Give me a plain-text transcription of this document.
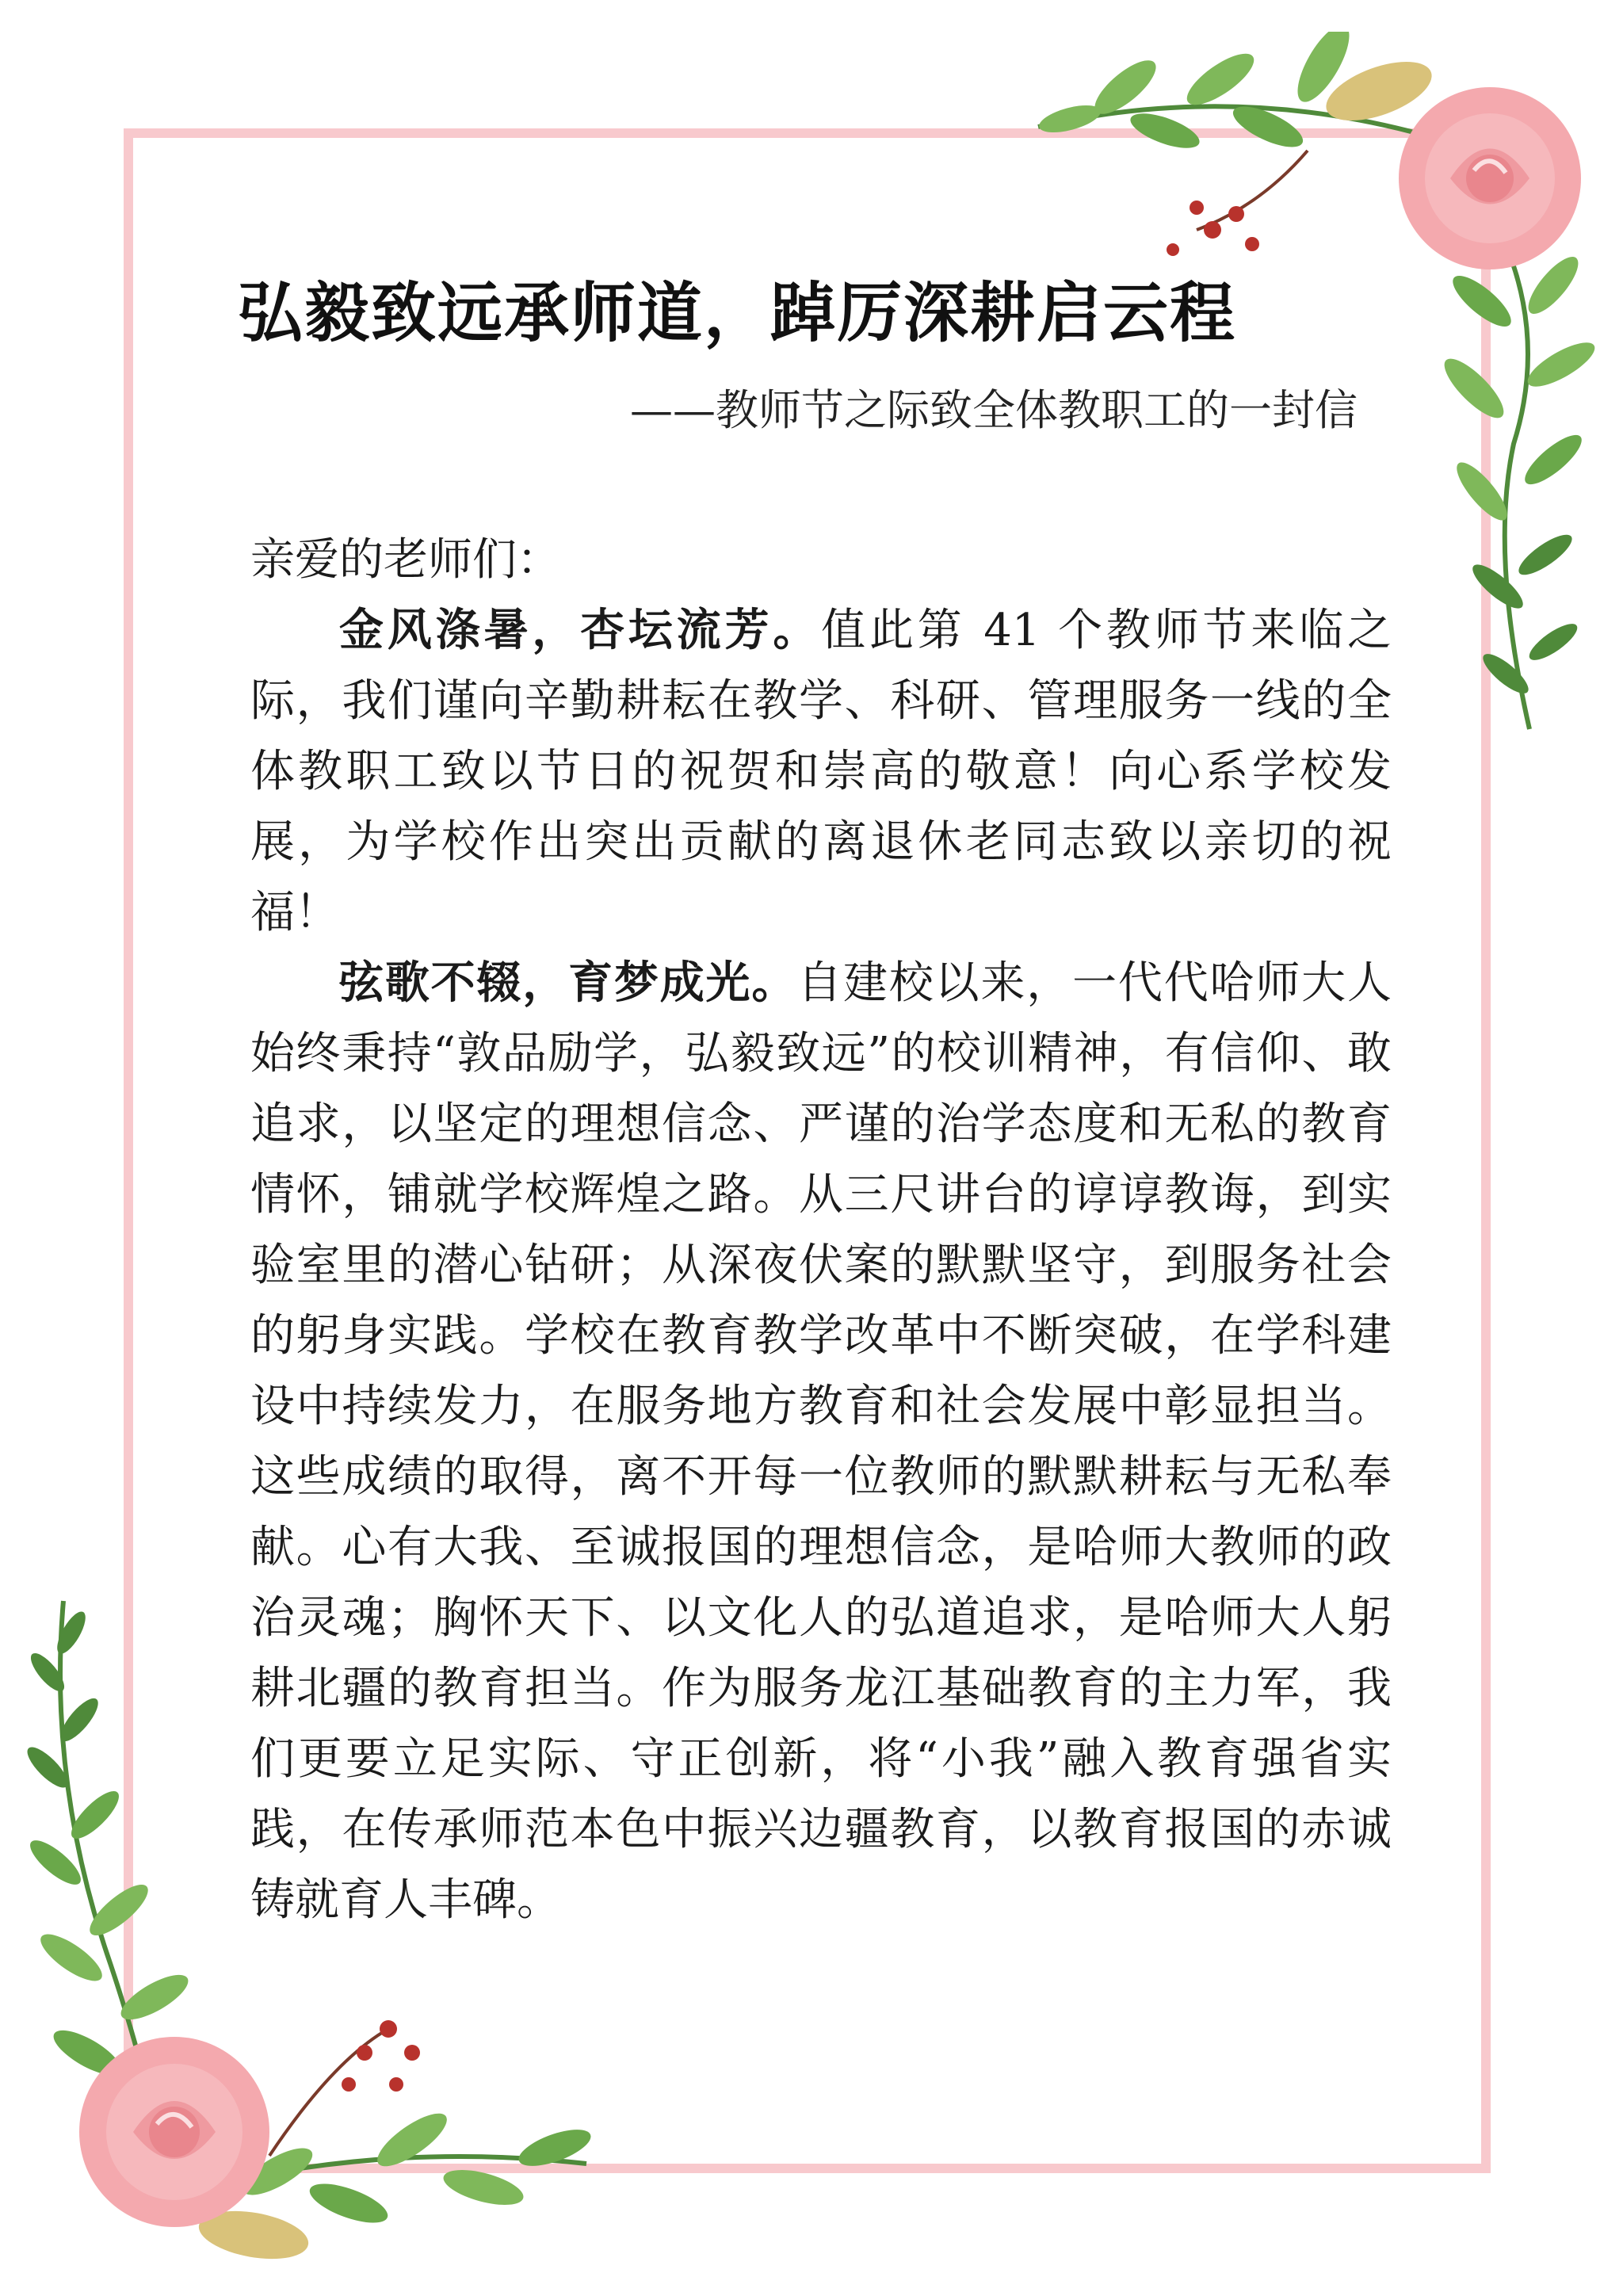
弘毅致远承师道，踔厉深耕启云程

——教师节之际致全体教职工的一封信

亲爱的老师们：

金风涤暑，杏坛流芳。值此第 41 个教师节来临之际，我们谨向辛勤耕耘在教学、科研、管理服务一线的全体教职工致以节日的祝贺和崇高的敬意！向心系学校发展，为学校作出突出贡献的离退休老同志致以亲切的祝福！

弦歌不辍，育梦成光。自建校以来，一代代哈师大人始终秉持“敦品励学，弘毅致远”的校训精神，有信仰、敢追求，以坚定的理想信念、严谨的治学态度和无私的教育情怀，铺就学校辉煌之路。从三尺讲台的谆谆教诲，到实验室里的潜心钻研；从深夜伏案的默默坚守，到服务社会的躬身实践。学校在教育教学改革中不断突破，在学科建设中持续发力，在服务地方教育和社会发展中彰显担当。这些成绩的取得，离不开每一位教师的默默耕耘与无私奉献。心有大我、至诚报国的理想信念，是哈师大教师的政治灵魂；胸怀天下、以文化人的弘道追求，是哈师大人躬耕北疆的教育担当。作为服务龙江基础教育的主力军，我们更要立足实际、守正创新，将“小我”融入教育强省实践，在传承师范本色中振兴边疆教育，以教育报国的赤诚铸就育人丰碑。
